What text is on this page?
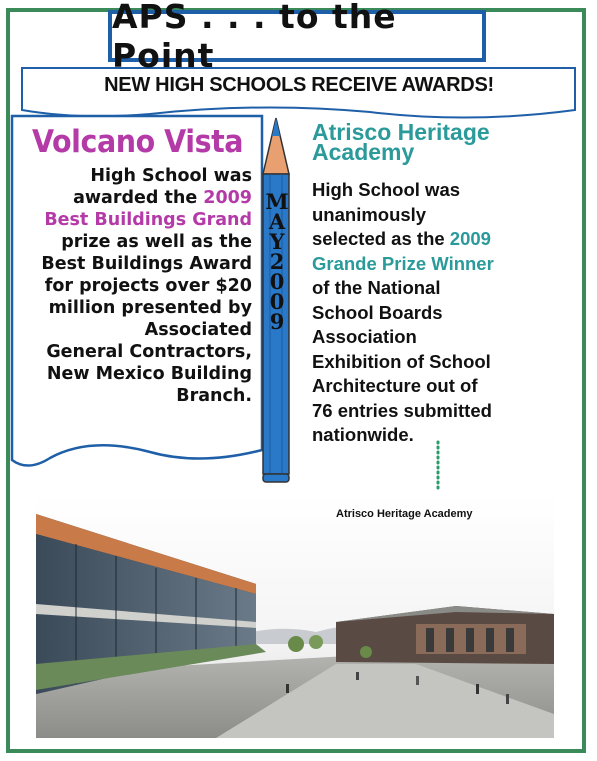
NEW HIGH SCHOOLS RECEIVE AWARDS!
APS . . . to the Point
Volcano Vista
High School was
awarded the 2009
Best Buildings Grand
prize as well as the
Best Buildings Award
for projects over $20
million presented by
Associated
General Contractors,
New Mexico Building
Branch.
M
A
Y
2
0
0
9
Atrisco Heritage
Academy
High School was
unanimously
selected as the 2009
Grande Prize Winner
of the National
School Boards
Association
Exhibition of School
Architecture out of
76 entries submitted
nationwide.
Atrisco Heritage Academy
